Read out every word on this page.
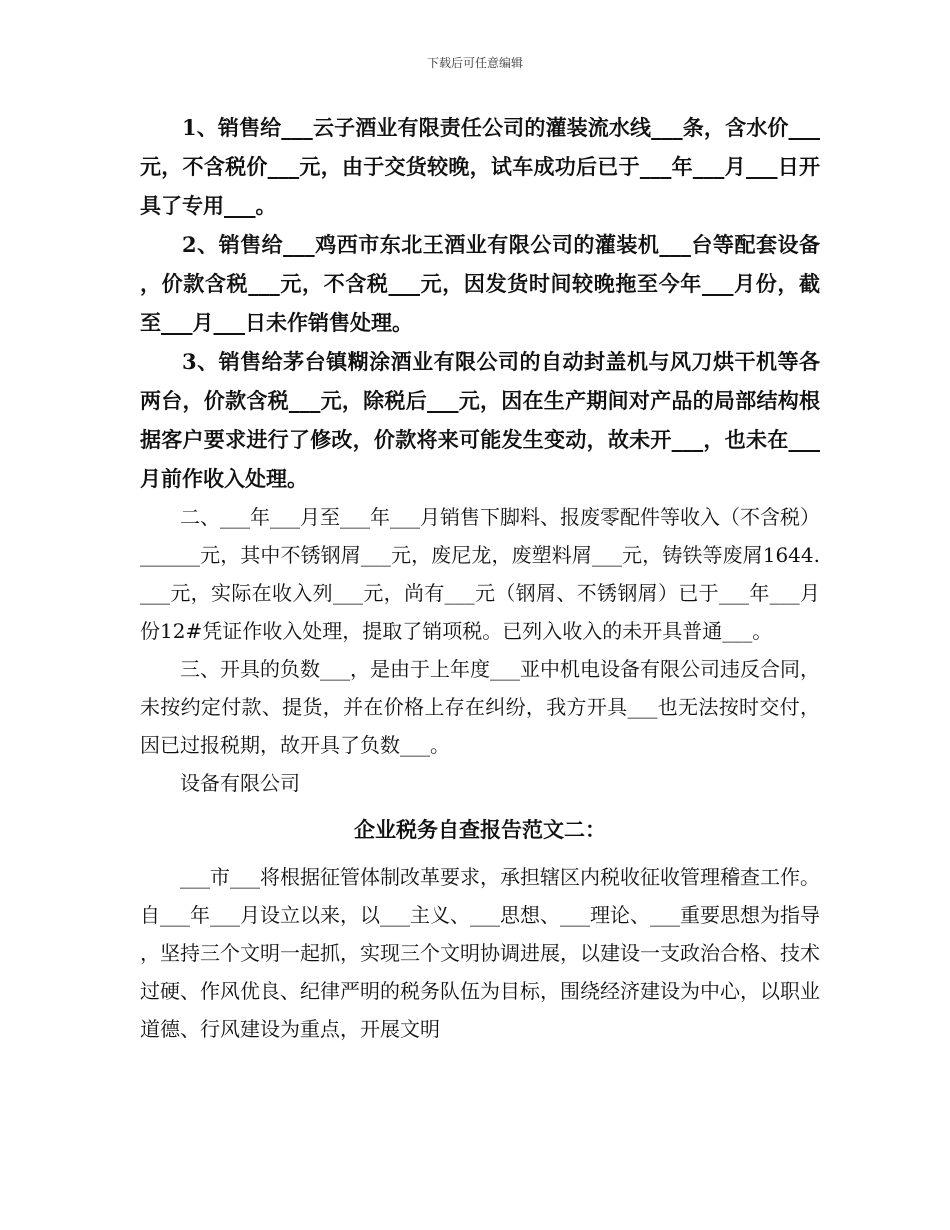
下载后可任意编辑

1、销售给___云子酒业有限责任公司的灌装流水线___条，含水价___元，不含税价___元，由于交货较晚，试车成功后已于___年___月___日开具了专用___。

2、销售给___鸡西市东北王酒业有限公司的灌装机___台等配套设备，价款含税___元，不含税___元，因发货时间较晚拖至今年___月份，截至___月___日未作销售处理。

3、销售给茅台镇糊涂酒业有限公司的自动封盖机与风刀烘干机等各两台，价款含税___元，除税后___元，因在生产期间对产品的局部结构根据客户要求进行了修改，价款将来可能发生变动，故未开___，也未在___月前作收入处理。

二、___年___月至___年___月销售下脚料、报废零配件等收入（不含税）______元，其中不锈钢屑___元，废尼龙，废塑料屑___元，铸铁等废屑1644.___元，实际在收入列___元，尚有___元（钢屑、不锈钢屑）已于___年___月份12#凭证作收入处理，提取了销项税。已列入收入的未开具普通___。

三、开具的负数___，是由于上年度___亚中机电设备有限公司违反合同，未按约定付款、提货，并在价格上存在纠纷，我方开具___也无法按时交付，因已过报税期，故开具了负数___。

设备有限公司

企业税务自查报告范文二：

___市___将根据征管体制改革要求，承担辖区内税收征收管理稽查工作。自___年___月设立以来，以___主义、___思想、___理论、___重要思想为指导，坚持三个文明一起抓，实现三个文明协调进展，以建设一支政治合格、技术过硬、作风优良、纪律严明的税务队伍为目标，围绕经济建设为中心，以职业道德、行风建设为重点，开展文明
